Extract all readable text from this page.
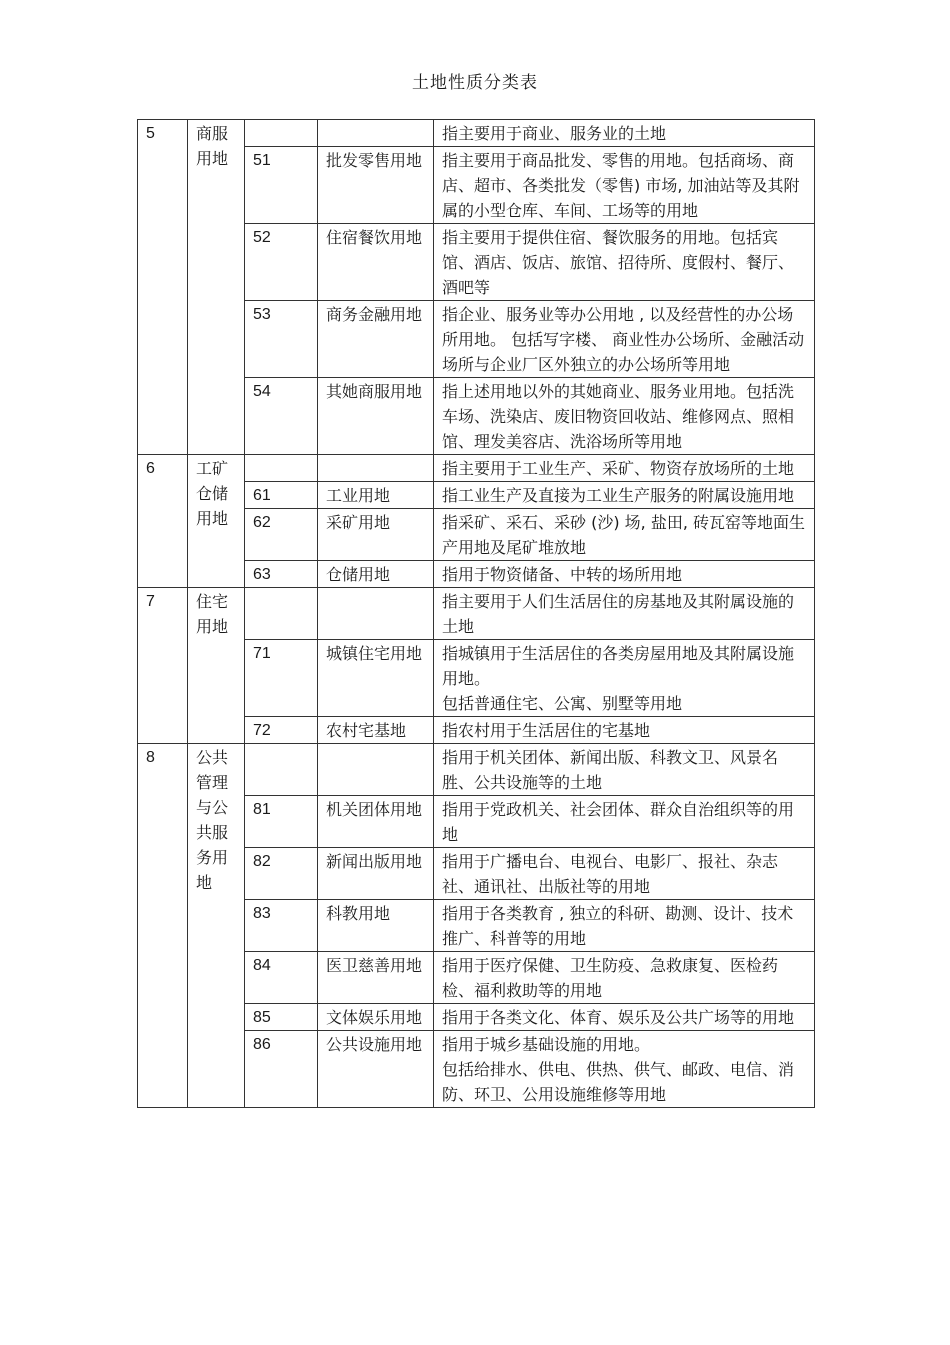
土地性质分类表
5	商服用地			指主要用于商业、服务业的土地
		51	批发零售用地	指主要用于商品批发、零售的用地。包括商场、商店、超市、各类批发（零售) 市场, 加油站等及其附属的小型仓库、车间、工场等的用地

		52	住宿餐饮用地	指主要用于提供住宿、餐饮服务的用地。包括宾馆、酒店、饭店、旅馆、招待所、度假村、餐厅、酒吧等

		53	商务金融用地	指企业、服务业等办公用地 , 以及经营性的办公场所用地。 包括写字楼、 商业性办公场所、金融活动场所与企业厂区外独立的办公场所等用地

		54	其她商服用地	指上述用地以外的其她商业、服务业用地。包括洗车场、洗染店、废旧物资回收站、维修网点、照相馆、理发美容店、洗浴场所等用地

6	工矿仓储用地			指主要用于工业生产、采矿、物资存放场所的土地
		61	工业用地	指工业生产及直接为工业生产服务的附属设施用地

		62	采矿用地	指采矿、采石、采砂 (沙) 场, 盐田, 砖瓦窑等地面生产用地及尾矿堆放地

		63	仓储用地	指用于物资储备、中转的场所用地

7	住宅用地			指主要用于人们生活居住的房基地及其附属设施的土地
		71	城镇住宅用地	指城镇用于生活居住的各类房屋用地及其附属设施用地。
包括普通住宅、公寓、别墅等用地

		72	农村宅基地	指农村用于生活居住的宅基地

8	公共管理与公共服务用地			指用于机关团体、新闻出版、科教文卫、风景名胜、公共设施等的土地
		81	机关团体用地	指用于党政机关、社会团体、群众自治组织等的用地

		82	新闻出版用地	指用于广播电台、电视台、电影厂、报社、杂志社、通讯社、出版社等的用地

		83	科教用地	指用于各类教育 , 独立的科研、勘测、设计、技术推广、科普等的用地

		84	医卫慈善用地	指用于医疗保健、卫生防疫、急救康复、医检药检、福利救助等的用地

		85	文体娱乐用地	指用于各类文化、体育、娱乐及公共广场等的用地

		86	公共设施用地	指用于城乡基础设施的用地。
包括给排水、供电、供热、供气、邮政、电信、消防、环卫、公用设施维修等用地
